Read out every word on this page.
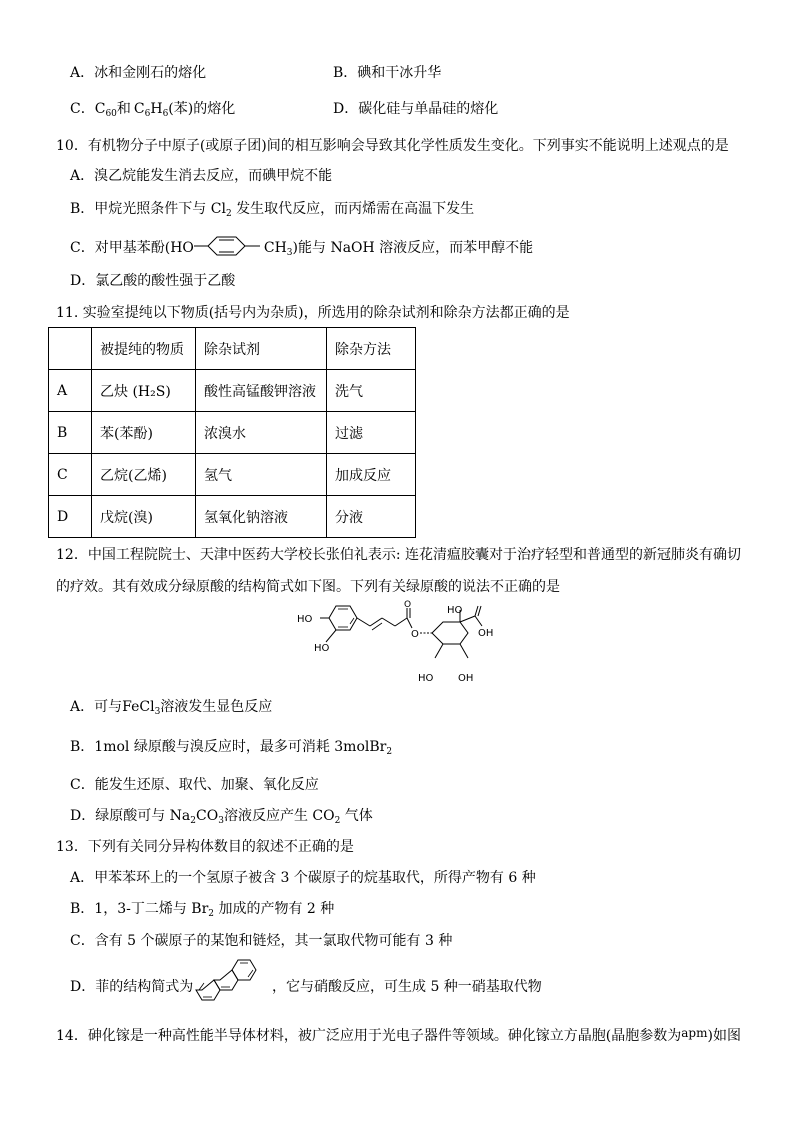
A．冰和金刚石的熔化	B．碘和干冰升华
C．$C_{60}$和 $C_6H_6$(苯)的熔化	D．碳化硅与单晶硅的熔化
10．有机物分子中原子(或原子团)间的相互影响会导致其化学性质发生变化。下列事实不能说明上述观点的是
A．溴乙烷能发生消去反应，而碘甲烷不能
B．甲烷光照条件下与 $Cl_2$ 发生取代反应，而丙烯需在高温下发生
C．对甲基苯酚(HO	$CH_3$)能与 NaOH 溶液反应，而苯甲醇不能
D．氯乙酸的酸性强于乙酸
11. 实验室提纯以下物质(括号内为杂质)，所选用的除杂试剂和除杂方法都正确的是
	被提纯的物质	除杂试剂	除杂方法
A	乙炔 (H₂S)	酸性高锰酸钾溶液	洗气
B	苯(苯酚)	浓溴水	过滤
C	乙烷(乙烯)	氢气	加成反应
D	戊烷(溴)	氢氧化钠溶液	分液
12．中国工程院院士、天津中医药大学校长张伯礼表示: 连花清瘟胶囊对于治疗轻型和普通型的新冠肺炎有确切
的疗效。其有效成分绿原酸的结构简式如下图。下列有关绿原酸的说法不正确的是
HO
HO
O
O
HO
OH
HO OH
A．可与FeCl$_3$溶液发生显色反应
B．1mol 绿原酸与溴反应时，最多可消耗 3molBr$_2$
C．能发生还原、取代、加聚、氧化反应
D．绿原酸可与 $Na_2CO_3$溶液反应产生 $CO_2$ 气体
13．下列有关同分异构体数目的叙述不正确的是
A．甲苯苯环上的一个氢原子被含 3 个碳原子的烷基取代，所得产物有 6 种
B．1，3-丁二烯与 $Br_2$ 加成的产物有 2 种
C．含有 5 个碳原子的某饱和链烃，其一氯取代物可能有 3 种
D．菲的结构简式为	，它与硝酸反应，可生成 5 种一硝基取代物
14．砷化镓是一种高性能半导体材料，被广泛应用于光电子器件等领域。砷化镓立方晶胞(晶胞参数为apm)如图
